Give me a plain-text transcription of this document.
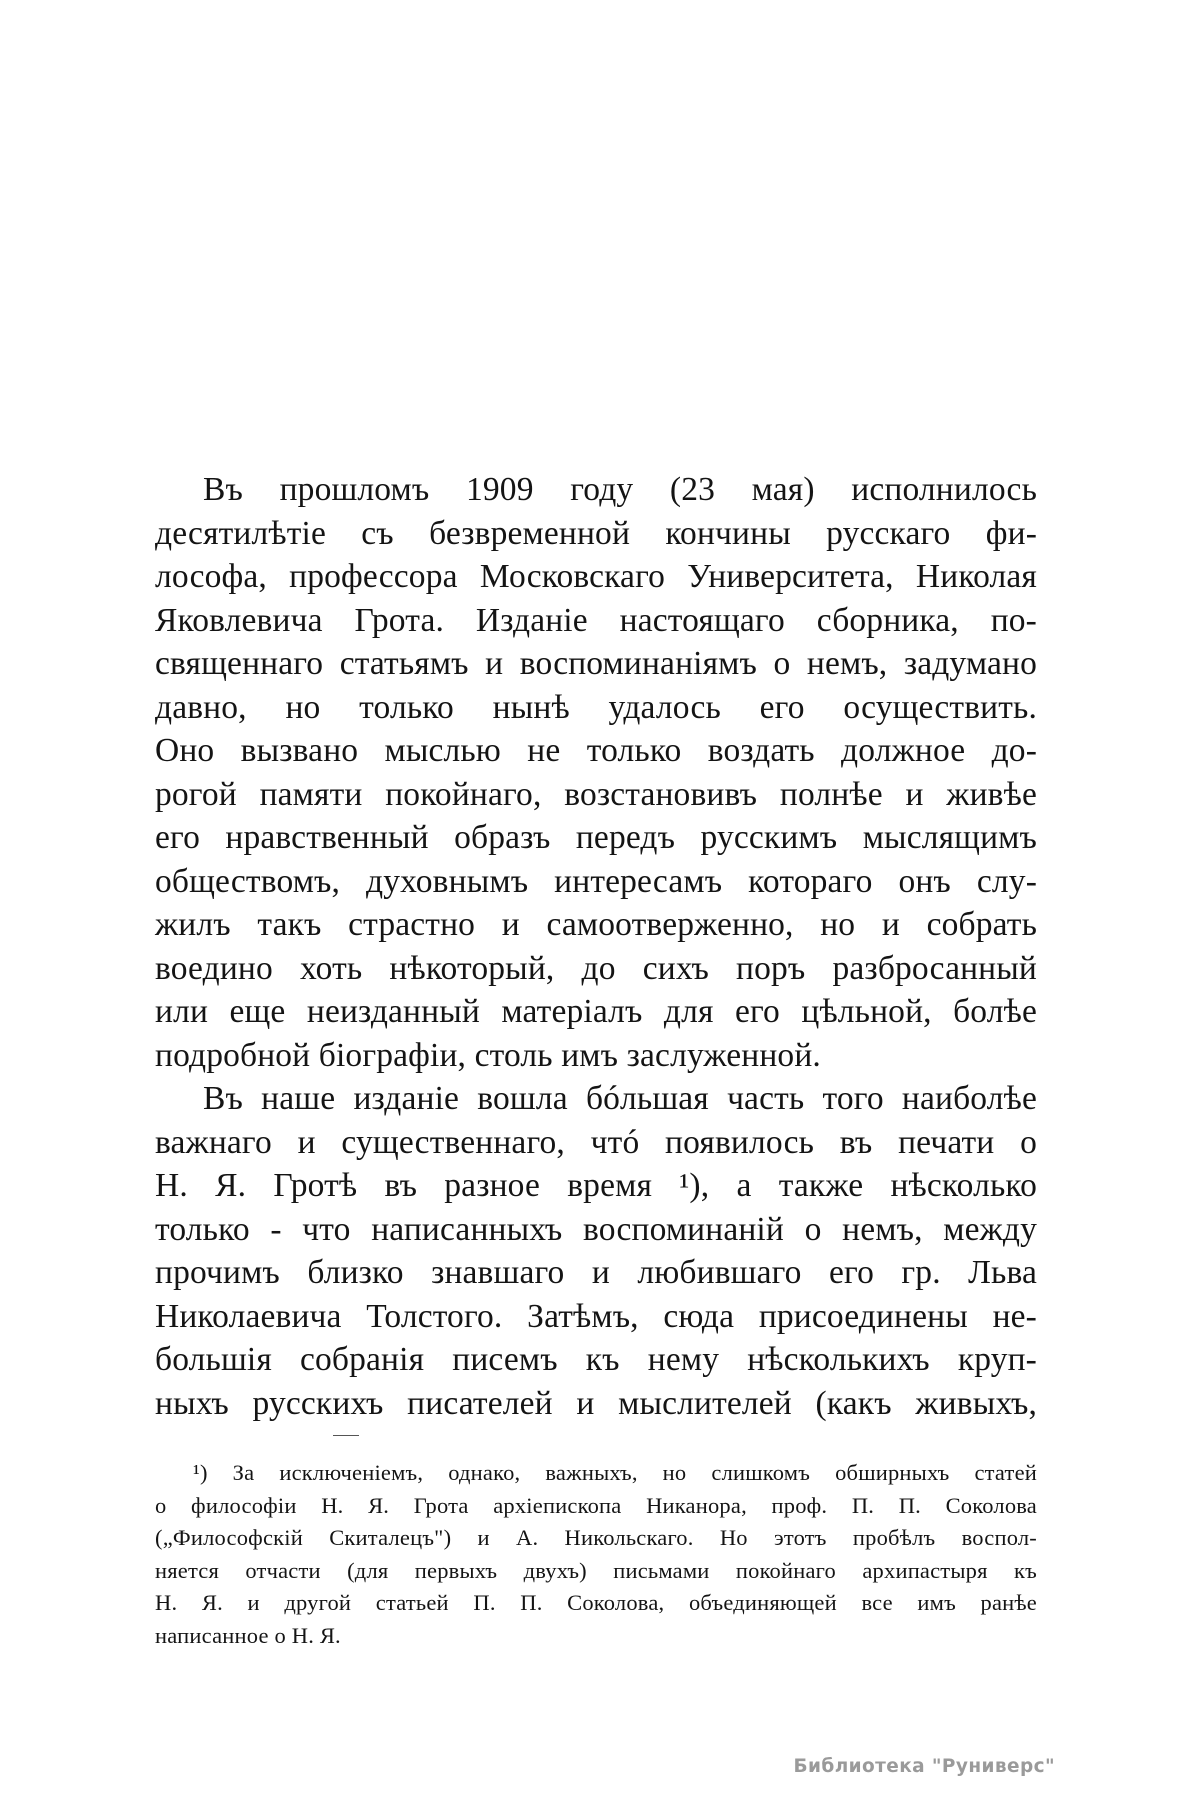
Въ прошломъ 1909 году (23 мая) исполнилось
десятилѣтіе съ безвременной кончины русскаго фи-
лософа, профессора Московскаго Университета, Николая
Яковлевича Грота. Изданіе настоящаго сборника, по-
священнаго статьямъ и воспоминаніямъ о немъ, задумано
давно, но только нынѣ удалось его осуществить.
Оно вызвано мыслью не только воздать должное до-
рогой памяти покойнаго, возстановивъ полнѣе и живѣе
его нравственный образъ передъ русскимъ мыслящимъ
обществомъ, духовнымъ интересамъ котораго онъ слу-
жилъ такъ страстно и самоотверженно, но и собрать
воедино хоть нѣкоторый, до сихъ поръ разбросанный
или еще неизданный матеріалъ для его цѣльной, болѣе
подробной біографіи, столь имъ заслуженной.

Въ наше изданіе вошла бóльшая часть того наиболѣе
важнаго и существеннаго, чтó появилось въ печати о
Н. Я. Гротѣ въ разное время ¹), а также нѣсколько
только - что написанныхъ воспоминаній о немъ, между
прочимъ близко знавшаго и любившаго его гр. Льва
Николаевича Толстого. Затѣмъ, сюда присоединены не-
большія собранія писемъ къ нему нѣсколькихъ круп-
ныхъ русскихъ писателей и мыслителей (какъ живыхъ,

¹) За исключеніемъ, однако, важныхъ, но слишкомъ обширныхъ статей
о философіи Н. Я. Грота архіепископа Никанора, проф. П. П. Соколова
(„Философскій Скиталецъ") и А. Никольскаго. Но этотъ пробѣлъ воспол-
няется отчасти (для первыхъ двухъ) письмами покойнаго архипастыря къ
Н. Я. и другой статьей П. П. Соколова, объединяющей все имъ ранѣе
написанное о Н. Я.

Библиотека "Руниверс"
